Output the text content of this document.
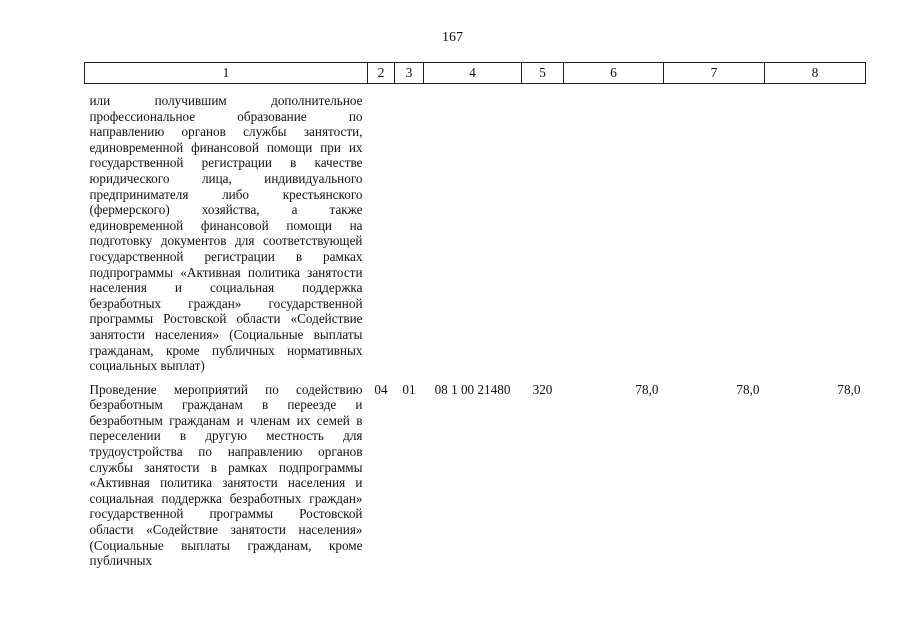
167
1	2	3	4	5	6	7	8
или получившим дополнительное профессиональное образование по направлению органов службы занятости, единовременной финансовой помощи при их государственной регистрации в качестве юридического лица, индивидуального предпринимателя либо крестьянского (фермерского) хозяйства, а также единовременной финансовой помощи на подготовку документов для соответствующей государственной регистрации в рамках подпрограммы «Активная политика занятости населения и социальная поддержка безработных граждан» государственной программы Ростовской области «Содействие занятости населения» (Социальные выплаты гражданам, кроме публичных нормативных социальных выплат)							
Проведение мероприятий по содействию безработным гражданам в переезде и безработным гражданам и членам их семей в переселении в другую местность для трудоустройства по направлению органов службы занятости в рамках подпрограммы «Активная политика занятости населения и социальная поддержка безработных граждан» государственной программы Ростовской области «Содействие занятости населения» (Социальные выплаты гражданам, кроме публичных	04	01	08 1 00 21480	320	78,0	78,0	78,0
